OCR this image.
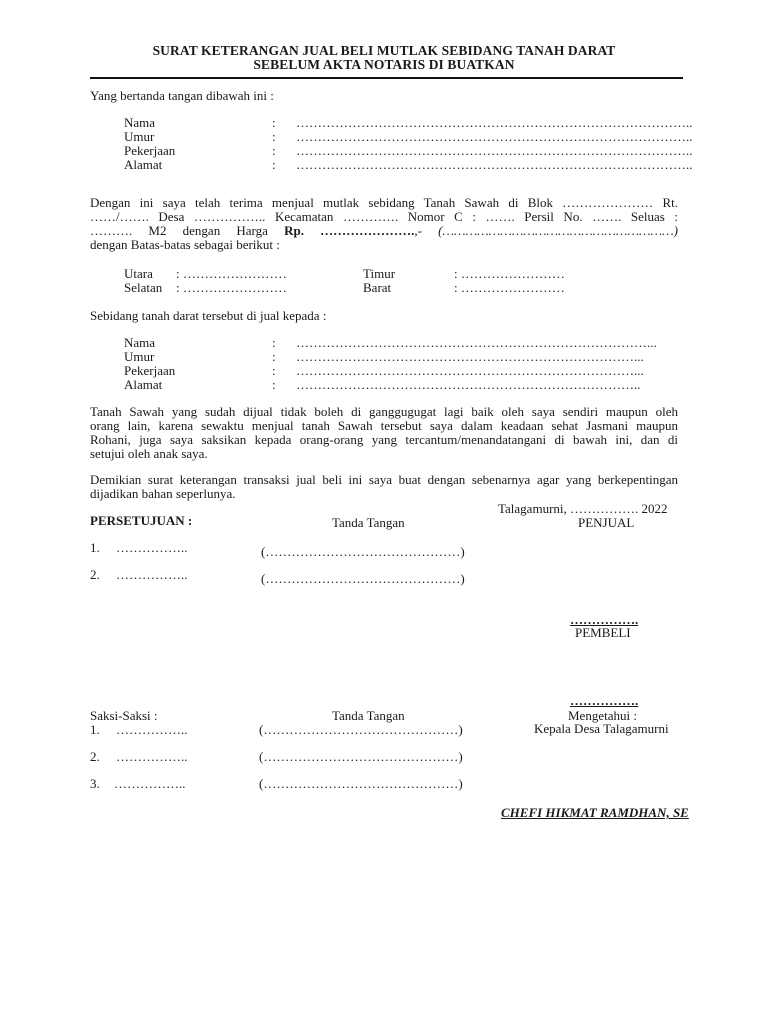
SURAT KETERANGAN JUAL BELI MUTLAK SEBIDANG TANAH DARAT
SEBELUM AKTA NOTARIS DI BUATKAN
Yang bertanda tangan dibawah ini :
Nama	: ………………………………………………………………………………..
Umur	: ………………………………………………………………………………..
Pekerjaan	: ………………………………………………………………………………..
Alamat	: ………………………………………………………………………………..
Dengan ini saya telah terima menjual mutlak sebidang Tanah Sawah di Blok ………………… Rt.
……/……. Desa …………….. Kecamatan …………. Nomor C : ……. Persil No. ……. Seluas :
………. M2 dengan Harga Rp. ………………….,- (……………………………………………………)
dengan Batas-batas sebagai berikut :
Utara : ……………………	Timur	: ……………………
Selatan : ……………………	Barat	: ……………………
Sebidang tanah darat tersebut di jual kepada :
Nama	: ………………………………………………………………………...
Umur	: ……………………………………………………………………...
Pekerjaan	: ……………………………………………………………………...
Alamat	: ……………………………………………………………………..
Tanah Sawah yang sudah dijual tidak boleh di ganggugugat lagi baik oleh saya sendiri maupun oleh
orang lain, karena sewaktu menjual tanah Sawah tersebut saya dalam keadaan sehat Jasmani maupun
Rohani, juga saya saksikan kepada orang-orang yang tercantum/menandatangani di bawah ini, dan di
setujui oleh anak saya.
Demikian surat keterangan transaksi jual beli ini saya buat dengan sebenarnya agar yang berkepentingan
dijadikan bahan seperlunya.
Talagamurni, ……………. 2022
PERSETUJUAN :	Tanda Tangan	PENJUAL
1. ……………..	(………………………………………)
2. ……………..	(………………………………………)
…………….
PEMBELI
…………….
Saksi-Saksi :	Tanda Tangan	Mengetahui :
Kepala Desa Talagamurni
1. ……………..	(………………………………………)
2. ……………..	(………………………………………)
3. ……………..	(………………………………………)
CHEFI HIKMAT RAMDHAN, SE
